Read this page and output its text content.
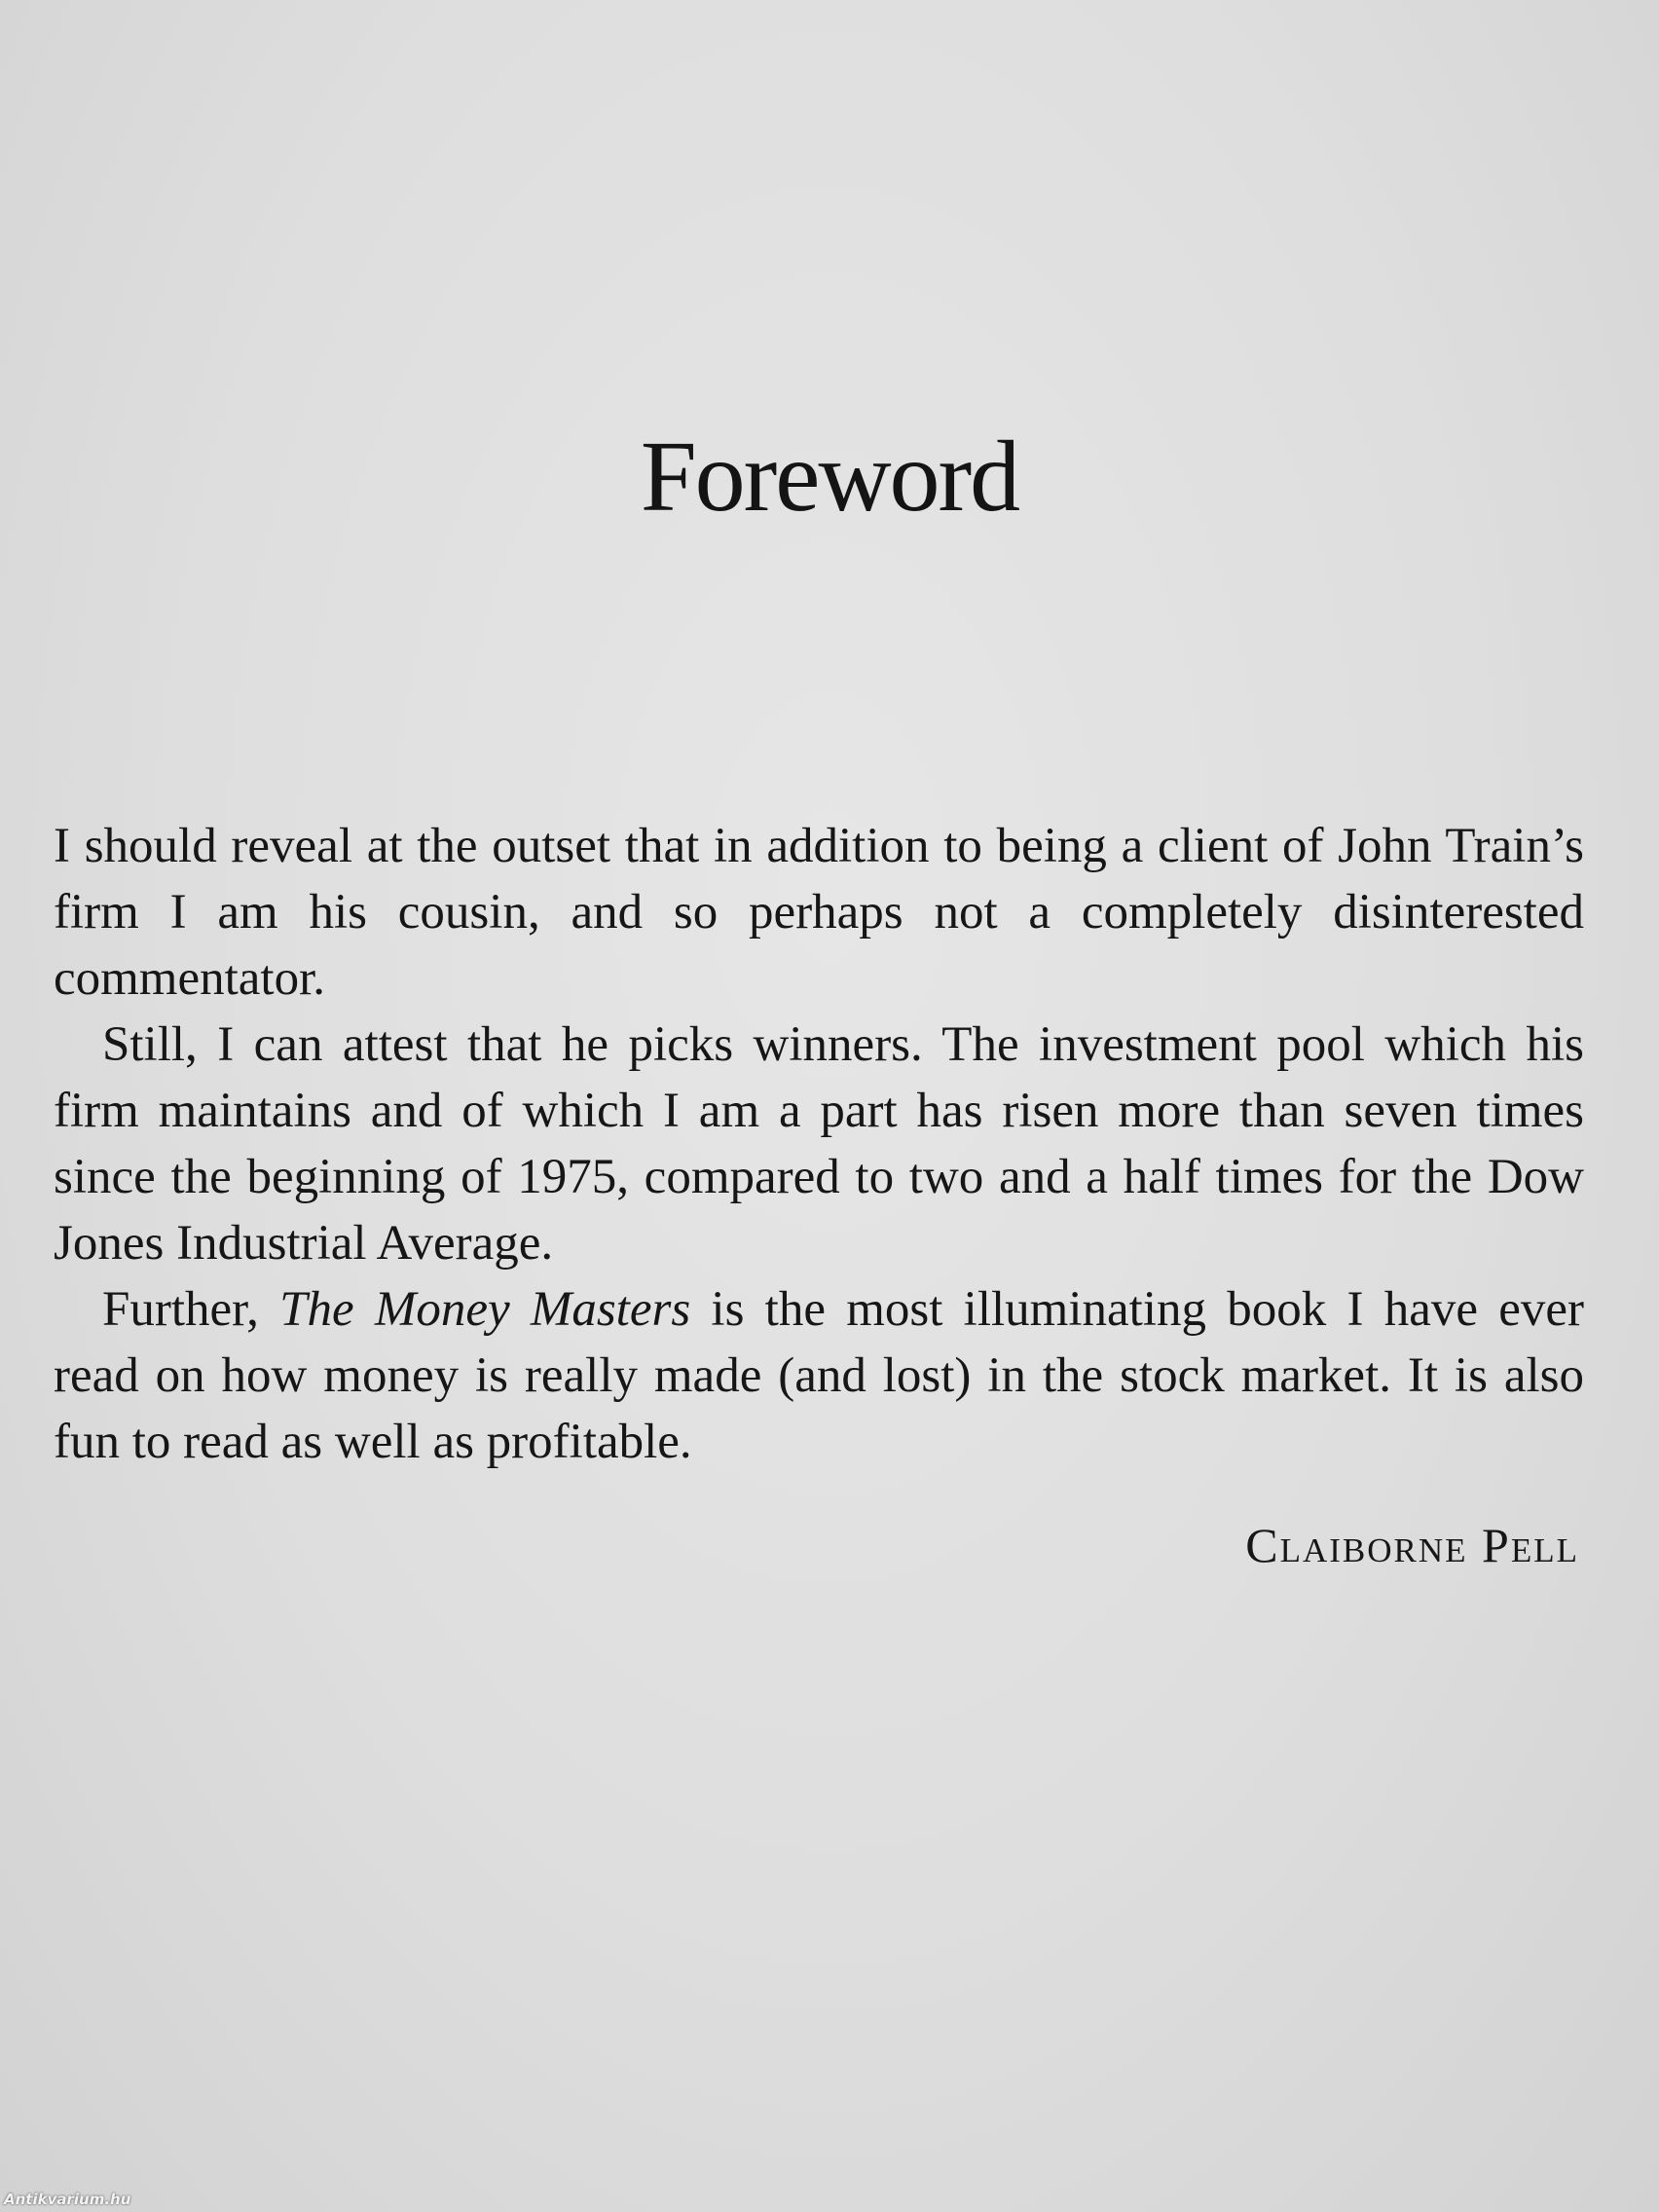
Foreword

I should reveal at the outset that in addition to being a client of John Train’s firm I am his cousin, and so perhaps not a completely disinterested commentator.

Still, I can attest that he picks winners. The investment pool which his firm maintains and of which I am a part has risen more than seven times since the beginning of 1975, compared to two and a half times for the Dow Jones Industrial Average.

Further, The Money Masters is the most illuminating book I have ever read on how money is really made (and lost) in the stock market. It is also fun to read as well as profitable.

Claiborne Pell
Antikvarium.hu
